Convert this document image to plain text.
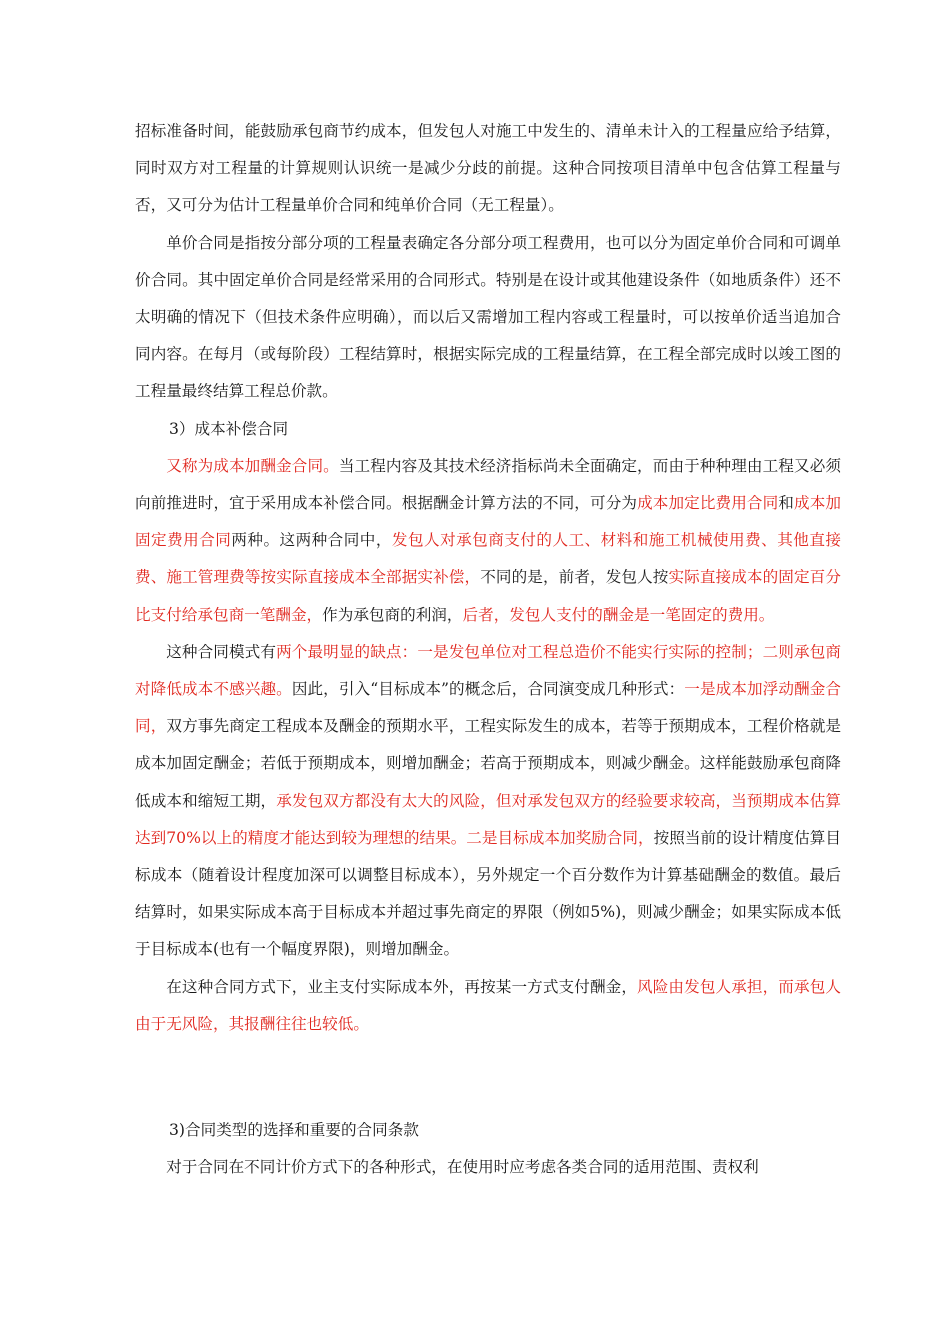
招标准备时间，能鼓励承包商节约成本，但发包人对施工中发生的、清单未计入的工程量应给予结算，同时双方对工程量的计算规则认识统一是减少分歧的前提。这种合同按项目清单中包含估算工程量与否，又可分为估计工程量单价合同和纯单价合同（无工程量）。

单价合同是指按分部分项的工程量表确定各分部分项工程费用，也可以分为固定单价合同和可调单价合同。其中固定单价合同是经常采用的合同形式。特别是在设计或其他建设条件（如地质条件）还不太明确的情况下（但技术条件应明确），而以后又需增加工程内容或工程量时，可以按单价适当追加合同内容。在每月（或每阶段）工程结算时，根据实际完成的工程量结算，在工程全部完成时以竣工图的工程量最终结算工程总价款。

3）成本补偿合同

又称为成本加酬金合同。当工程内容及其技术经济指标尚未全面确定，而由于种种理由工程又必须向前推进时，宜于采用成本补偿合同。根据酬金计算方法的不同，可分为成本加定比费用合同和成本加固定费用合同两种。这两种合同中，发包人对承包商支付的人工、材料和施工机械使用费、其他直接费、施工管理费等按实际直接成本全部据实补偿，不同的是，前者，发包人按实际直接成本的固定百分比支付给承包商一笔酬金，作为承包商的利润，后者，发包人支付的酬金是一笔固定的费用。

这种合同模式有两个最明显的缺点：一是发包单位对工程总造价不能实行实际的控制；二则承包商对降低成本不感兴趣。因此，引入“目标成本”的概念后，合同演变成几种形式：一是成本加浮动酬金合同，双方事先商定工程成本及酬金的预期水平，工程实际发生的成本，若等于预期成本，工程价格就是成本加固定酬金；若低于预期成本，则增加酬金；若高于预期成本，则减少酬金。这样能鼓励承包商降低成本和缩短工期，承发包双方都没有太大的风险，但对承发包双方的经验要求较高，当预期成本估算达到70%以上的精度才能达到较为理想的结果。二是目标成本加奖励合同，按照当前的设计精度估算目标成本（随着设计程度加深可以调整目标成本），另外规定一个百分数作为计算基础酬金的数值。最后结算时，如果实际成本高于目标成本并超过事先商定的界限（例如5%)，则减少酬金；如果实际成本低于目标成本(也有一个幅度界限)，则增加酬金。

在这种合同方式下，业主支付实际成本外，再按某一方式支付酬金，风险由发包人承担，而承包人由于无风险，其报酬往往也较低。

3)合同类型的选择和重要的合同条款

对于合同在不同计价方式下的各种形式，在使用时应考虑各类合同的适用范围、责权利
